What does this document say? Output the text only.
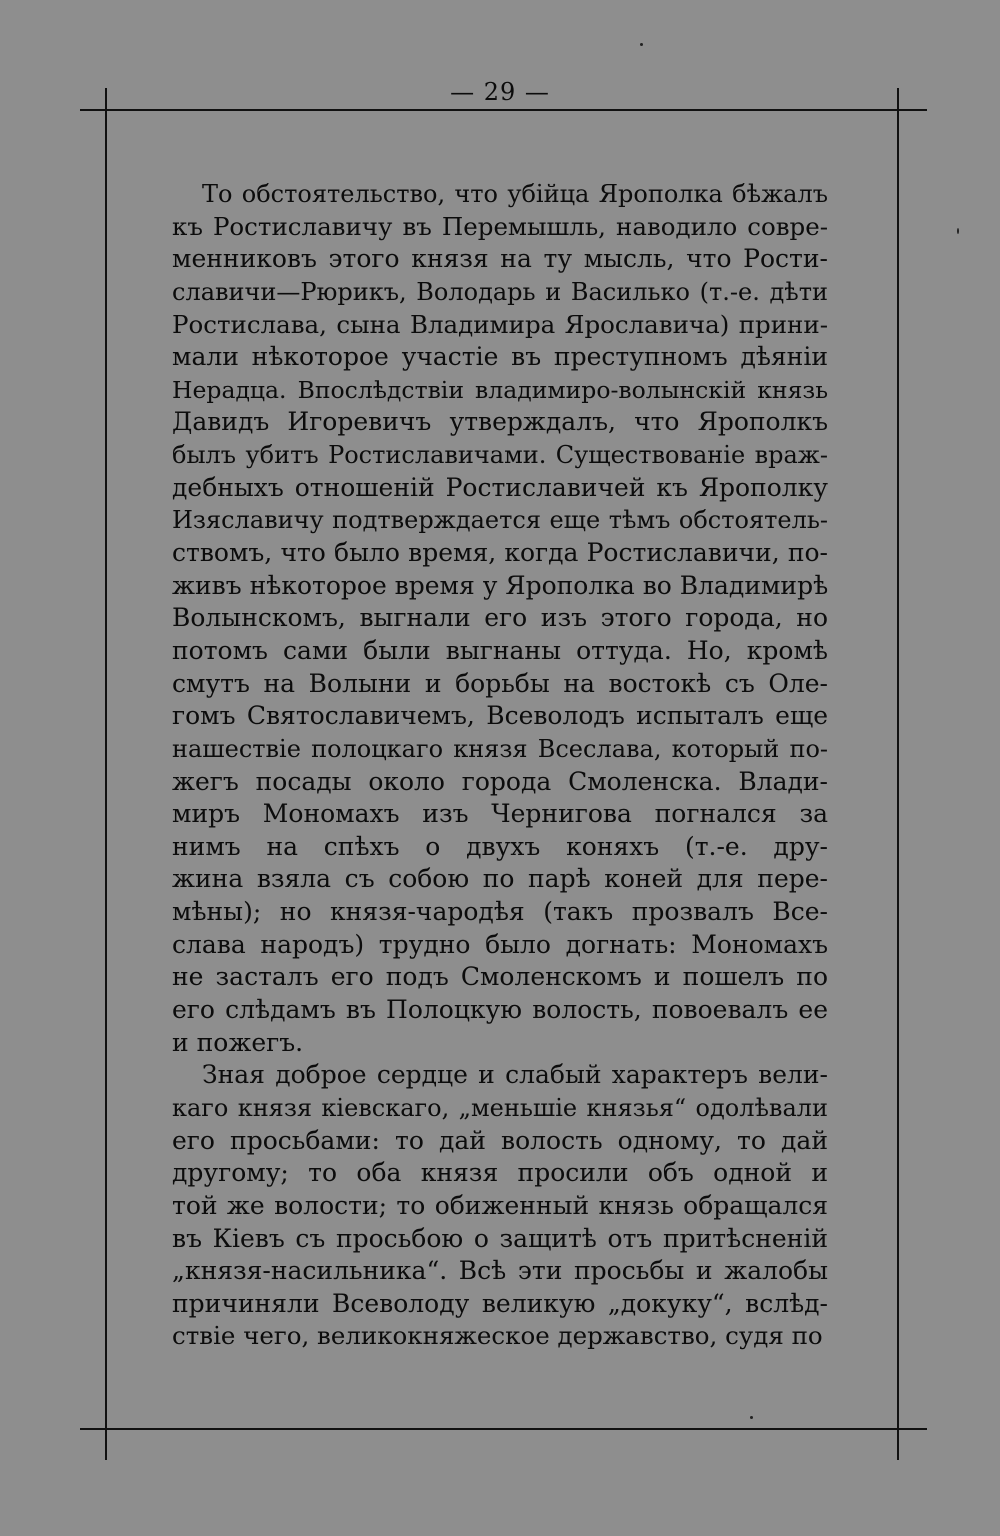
— 29 —
То обстоятельство, что убійца Ярополка бѣжалъ
къ Ростиславичу въ Перемышль, наводило совре-
менниковъ этого князя на ту мысль, что Рости-
славичи—Рюрикъ, Володарь и Василько (т.-е. дѣти
Ростислава, сына Владимира Ярославича) прини-
мали нѣкоторое участіе въ преступномъ дѣяніи
Нерадца. Впослѣдствіи владимиро-волынскій князь
Давидъ Игоревичъ утверждалъ, что Ярополкъ
былъ убитъ Ростиславичами. Существованіе враж-
дебныхъ отношеній Ростиславичей къ Ярополку
Изяславичу подтверждается еще тѣмъ обстоятель-
ствомъ, что было время, когда Ростиславичи, по-
живъ нѣкоторое время у Ярополка во Владимирѣ
Волынскомъ, выгнали его изъ этого города, но
потомъ сами были выгнаны оттуда. Но, кромѣ
смутъ на Волыни и борьбы на востокѣ съ Оле-
гомъ Святославичемъ, Всеволодъ испыталъ еще
нашествіе полоцкаго князя Всеслава, который по-
жегъ посады около города Смоленска. Влади-
миръ Мономахъ изъ Чернигова погнался за
нимъ на спѣхъ о двухъ коняхъ (т.-е. дру-
жина взяла съ собою по парѣ коней для пере-
мѣны); но князя-чародѣя (такъ прозвалъ Все-
слава народъ) трудно было догнать: Мономахъ
не засталъ его подъ Смоленскомъ и пошелъ по
его слѣдамъ въ Полоцкую волость, повоевалъ ее
и пожегъ.
Зная доброе сердце и слабый характеръ вели-
каго князя кіевскаго, „меньшіе князья“ одолѣвали
его просьбами: то дай волость одному, то дай
другому; то оба князя просили объ одной и
той же волости; то обиженный князь обращался
въ Кіевъ съ просьбою о защитѣ отъ притѣсненій
„князя-насильника“. Всѣ эти просьбы и жалобы
причиняли Всеволоду великую „докуку“, вслѣд-
ствіе чего, великокняжеское державство, судя по
